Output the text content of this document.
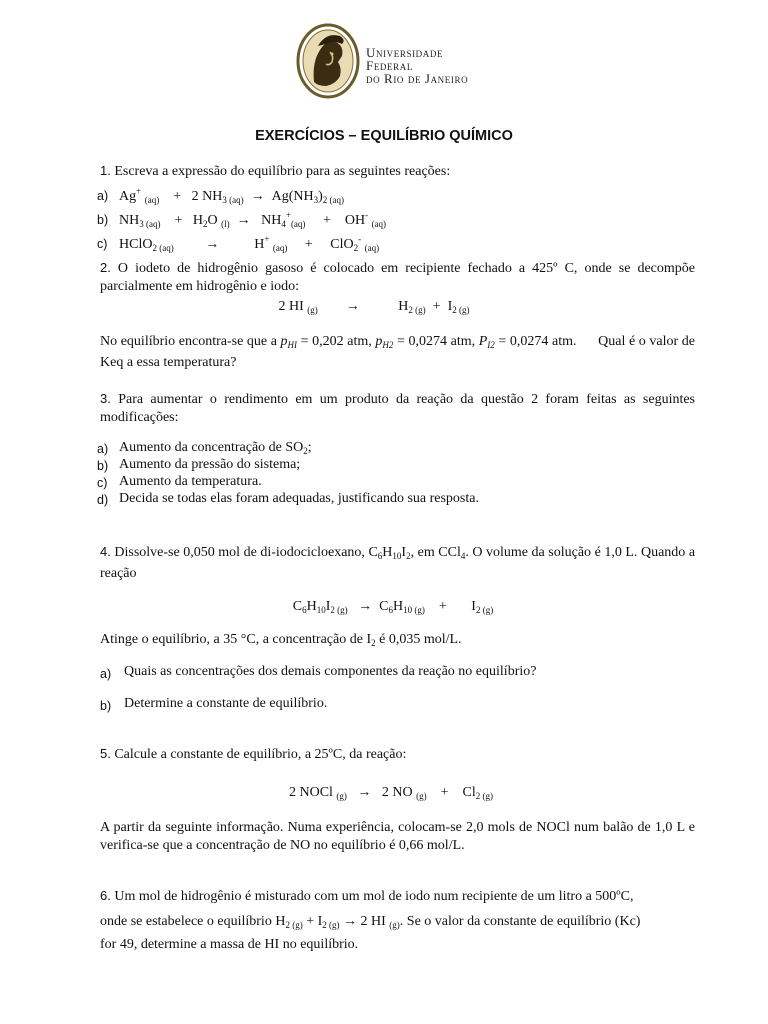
Universidade Federal
do Rio de Janeiro
EXERCÍCIOS – EQUILÍBRIO QUÍMICO
1. Escreva a expressão do equilíbrio para as seguintes reações:
a) Ag+ $_{(aq)}$    +   2 $NH_{3 (aq)} \to Ag(NH_3)_{2 (aq)}$
b) $NH_{3 (aq)}$    +   $H_2O$ $_{(l)} \to NH_4^+_{(aq)}$     +    OH- $_{(aq)}$
c) HClO$_{2 (aq)}$         →          H+ $_{(aq)}$     +     ClO$_2$- $_{(aq)}$
2. O iodeto de hidrogênio gasoso é colocado em recipiente fechado a 425º C, onde se decompõe parcialmente em hidrogênio e iodo:
2 HI $_{(g)}$        →           $H_{2 (g)} + I_{2 (g)}$
No equilíbrio encontra-se que a $p_{HI} = 0,202$ atm, $p_{H2} = 0,0274$ atm, $P_{I2} = 0,0274$ atm.      Qual é o valor de Keq a essa temperatura?
3. Para aumentar o rendimento em um produto da reação da questão 2 foram feitas as seguintes modificações:
a) Aumento da concentração de $SO_2$;
b) Aumento da pressão do sistema;
c) Aumento da temperatura.
d) Decida se todas elas foram adequadas, justificando sua resposta.
4. Dissolve-se 0,050 mol de di-iodocicloexano, $C_6H_{10}I_2$, em CCl$_4$. O volume da solução é 1,0 L. Quando a reação
$C_6H_{10}I_{2 (g)} \to C_6H_{10 (g)}$    +       $I_{2 (g)}$
Atinge o equilíbrio, a 35 °C, a concentração de $I_2$ é 0,035 mol/L.
a) Quais as concentrações dos demais componentes da reação no equilíbrio?
b) Determine a constante de equilíbrio.
5. Calcule a constante de equilíbrio, a 25ºC, da reação:
2 NOCl $_{(g)}$   →   2 NO $_{(g)}$    +    $Cl_{2 (g)}$
A partir da seguinte informação. Numa experiência, colocam-se 2,0 mols de NOCl num balão de 1,0 L e verifica-se que a concentração de NO no equilíbrio é 0,66 mol/L.
6. Um mol de hidrogênio é misturado com um mol de iodo num recipiente de um litro a 500ºC,
onde se estabelece o equilíbrio $H_{2 (g)} + I_{2 (g)} \to 2$ HI $_{(g)}$. Se o valor da constante de equilíbrio (Kc)
for 49, determine a massa de HI no equilíbrio.
